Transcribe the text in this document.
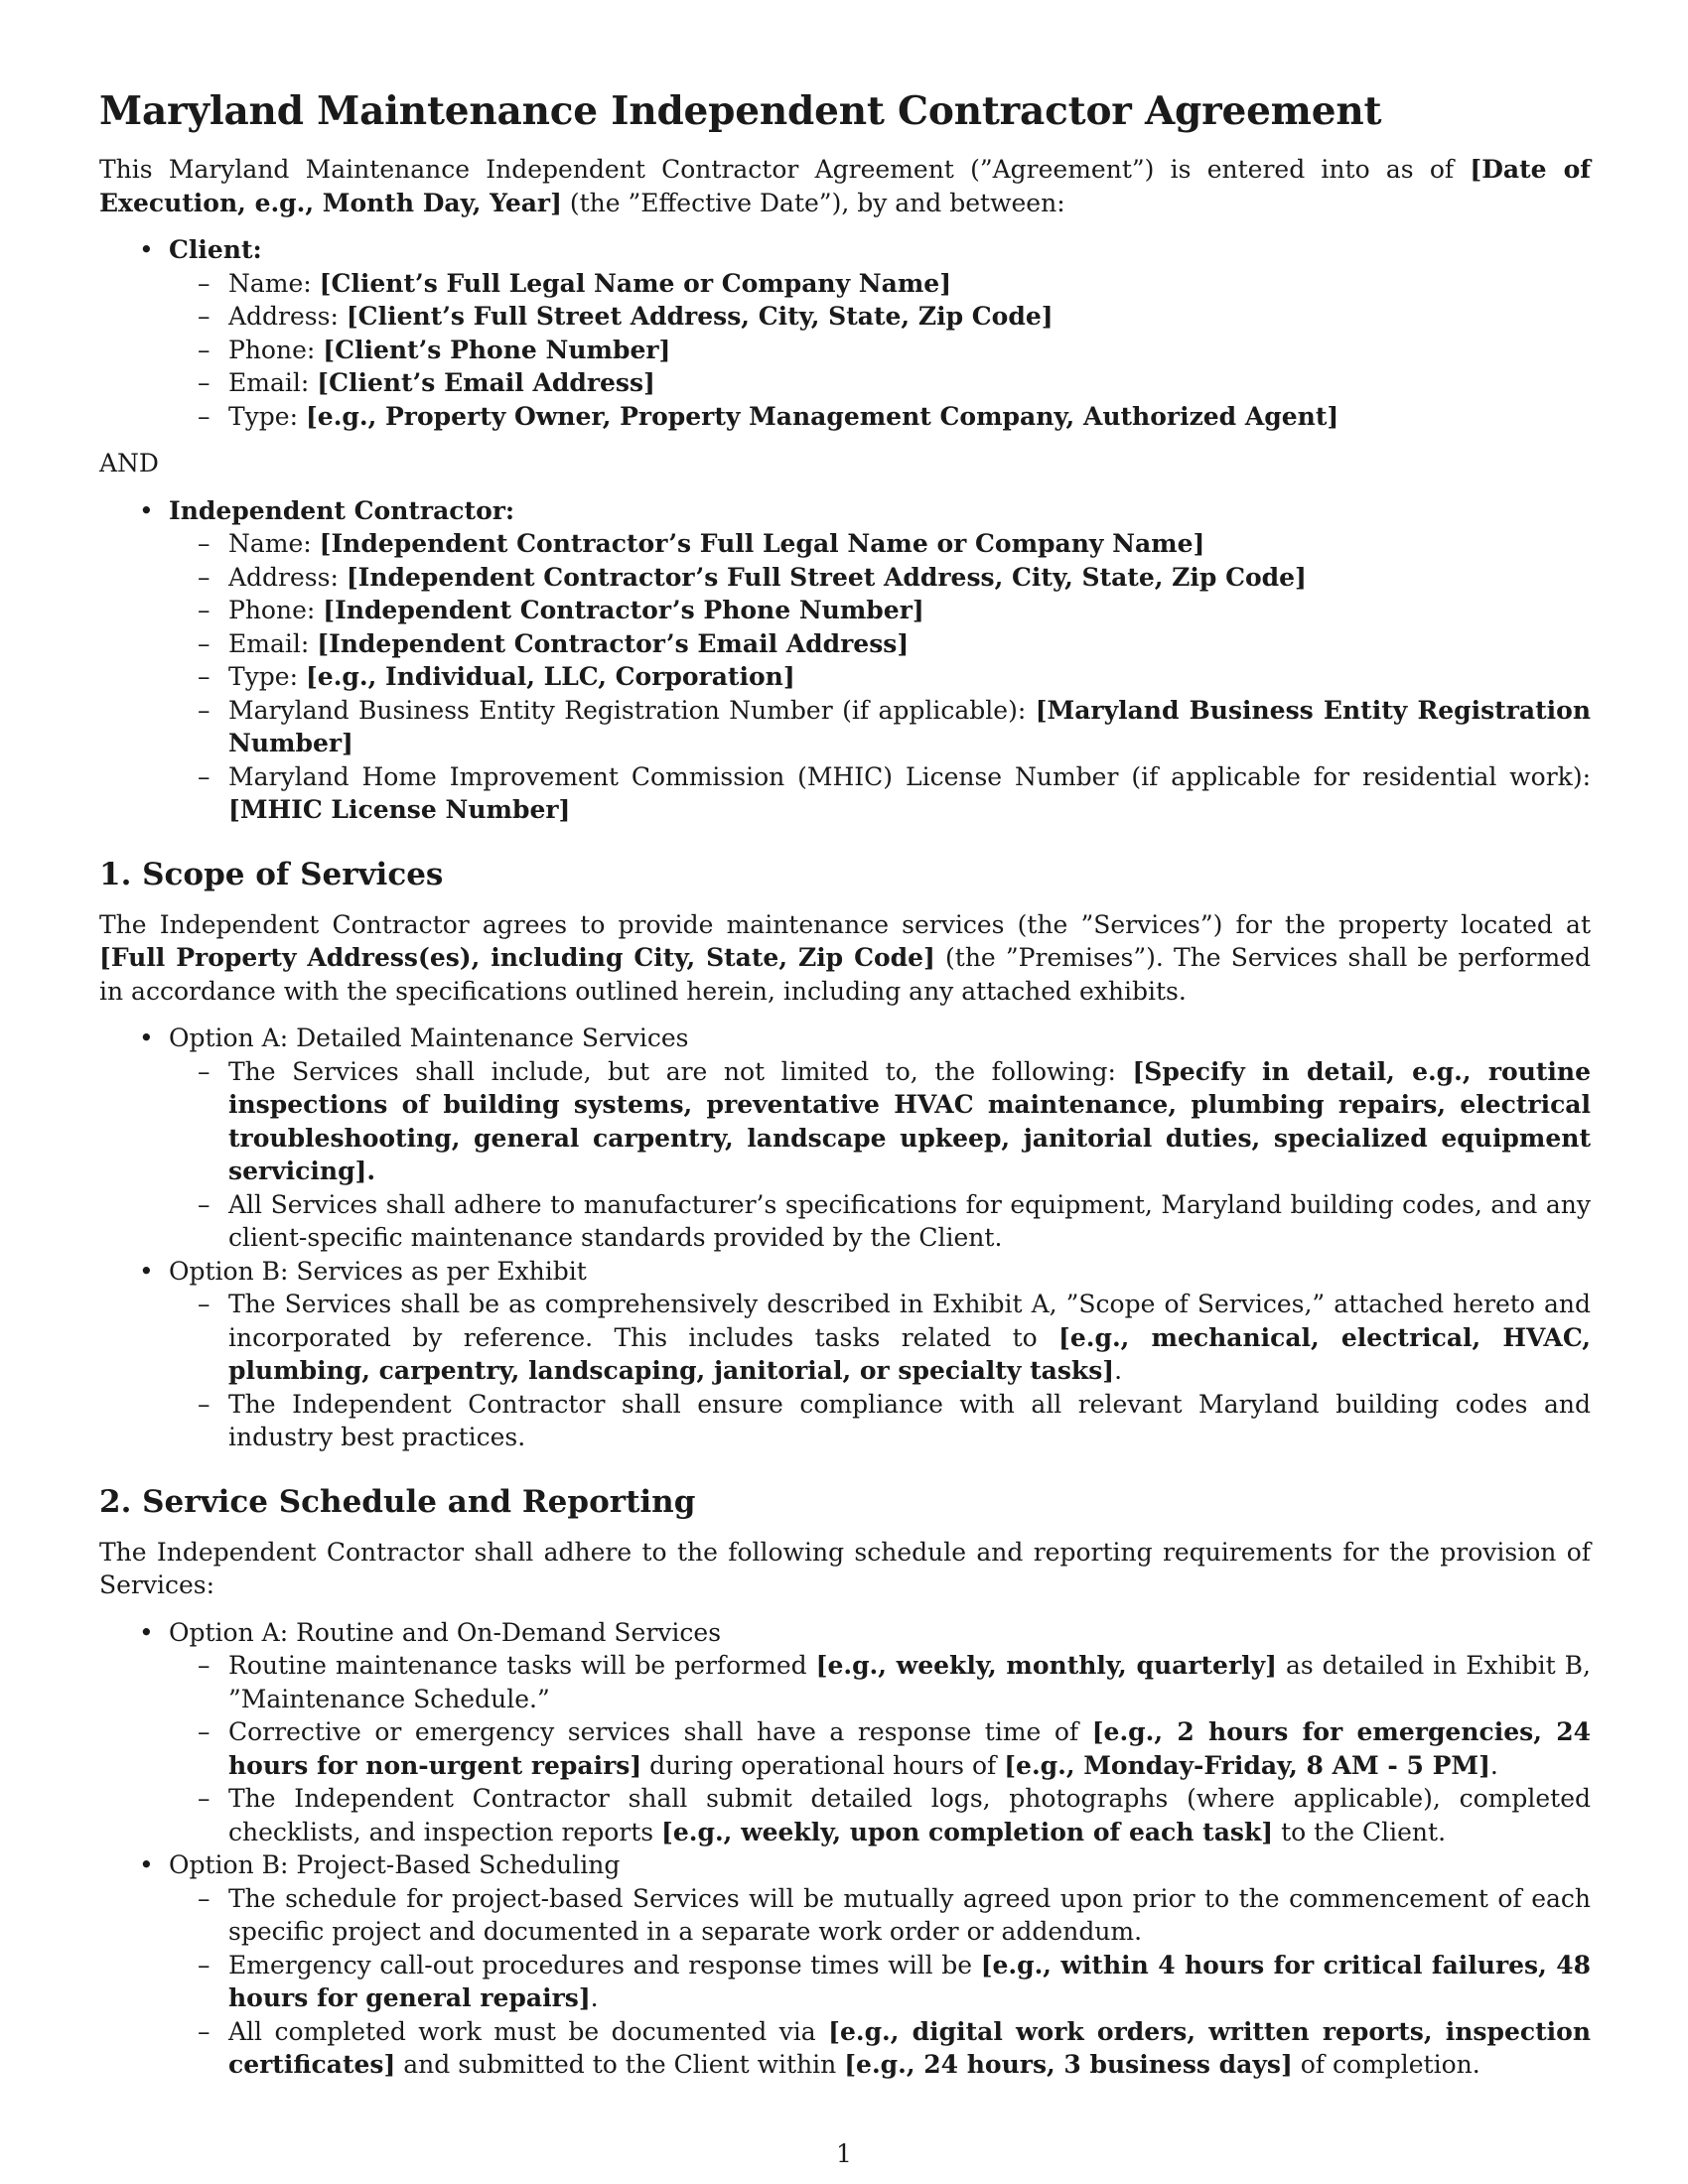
Maryland Maintenance Independent Contractor Agreement

This Maryland Maintenance Independent Contractor Agreement (”Agreement”) is entered into as of [Date of Execution, e.g., Month Day, Year] (the ”Effective Date”), by and between:

• Client:
– Name: [Client’s Full Legal Name or Company Name]
– Address: [Client’s Full Street Address, City, State, Zip Code]
– Phone: [Client’s Phone Number]
– Email: [Client’s Email Address]
– Type: [e.g., Property Owner, Property Management Company, Authorized Agent]
AND
• Independent Contractor:
– Name: [Independent Contractor’s Full Legal Name or Company Name]
– Address: [Independent Contractor’s Full Street Address, City, State, Zip Code]
– Phone: [Independent Contractor’s Phone Number]
– Email: [Independent Contractor’s Email Address]
– Type: [e.g., Individual, LLC, Corporation]
– Maryland Business Entity Registration Number (if applicable): [Maryland Business Entity Registration Number]
– Maryland Home Improvement Commission (MHIC) License Number (if applicable for residential work): [MHIC License Number]
1. Scope of Services

The Independent Contractor agrees to provide maintenance services (the ”Services”) for the property located at [Full Property Address(es), including City, State, Zip Code] (the ”Premises”). The Services shall be performed in accordance with the specifications outlined herein, including any attached exhibits.

• Option A: Detailed Maintenance Services
– The Services shall include, but are not limited to, the following: [Specify in detail, e.g., routine inspections of building systems, preventative HVAC maintenance, plumbing repairs, electrical troubleshooting, general carpentry, landscape upkeep, janitorial duties, specialized equipment servicing].
– All Services shall adhere to manufacturer’s specifications for equipment, Maryland building codes, and any client-specific maintenance standards provided by the Client.
• Option B: Services as per Exhibit
– The Services shall be as comprehensively described in Exhibit A, ”Scope of Services,” attached hereto and incorporated by reference. This includes tasks related to [e.g., mechanical, electrical, HVAC, plumbing, carpentry, landscaping, janitorial, or specialty tasks].
– The Independent Contractor shall ensure compliance with all relevant Maryland building codes and industry best practices.
2. Service Schedule and Reporting

The Independent Contractor shall adhere to the following schedule and reporting requirements for the provision of Services:

• Option A: Routine and On-Demand Services
– Routine maintenance tasks will be performed [e.g., weekly, monthly, quarterly] as detailed in Exhibit B, ”Maintenance Schedule.”
– Corrective or emergency services shall have a response time of [e.g., 2 hours for emergencies, 24 hours for non-urgent repairs] during operational hours of [e.g., Monday-Friday, 8 AM - 5 PM].
– The Independent Contractor shall submit detailed logs, photographs (where applicable), completed checklists, and inspection reports [e.g., weekly, upon completion of each task] to the Client.
• Option B: Project-Based Scheduling
– The schedule for project-based Services will be mutually agreed upon prior to the commencement of each specific project and documented in a separate work order or addendum.
– Emergency call-out procedures and response times will be [e.g., within 4 hours for critical failures, 48 hours for general repairs].
– All completed work must be documented via [e.g., digital work orders, written reports, inspection certificates] and submitted to the Client within [e.g., 24 hours, 3 business days] of completion.
1
